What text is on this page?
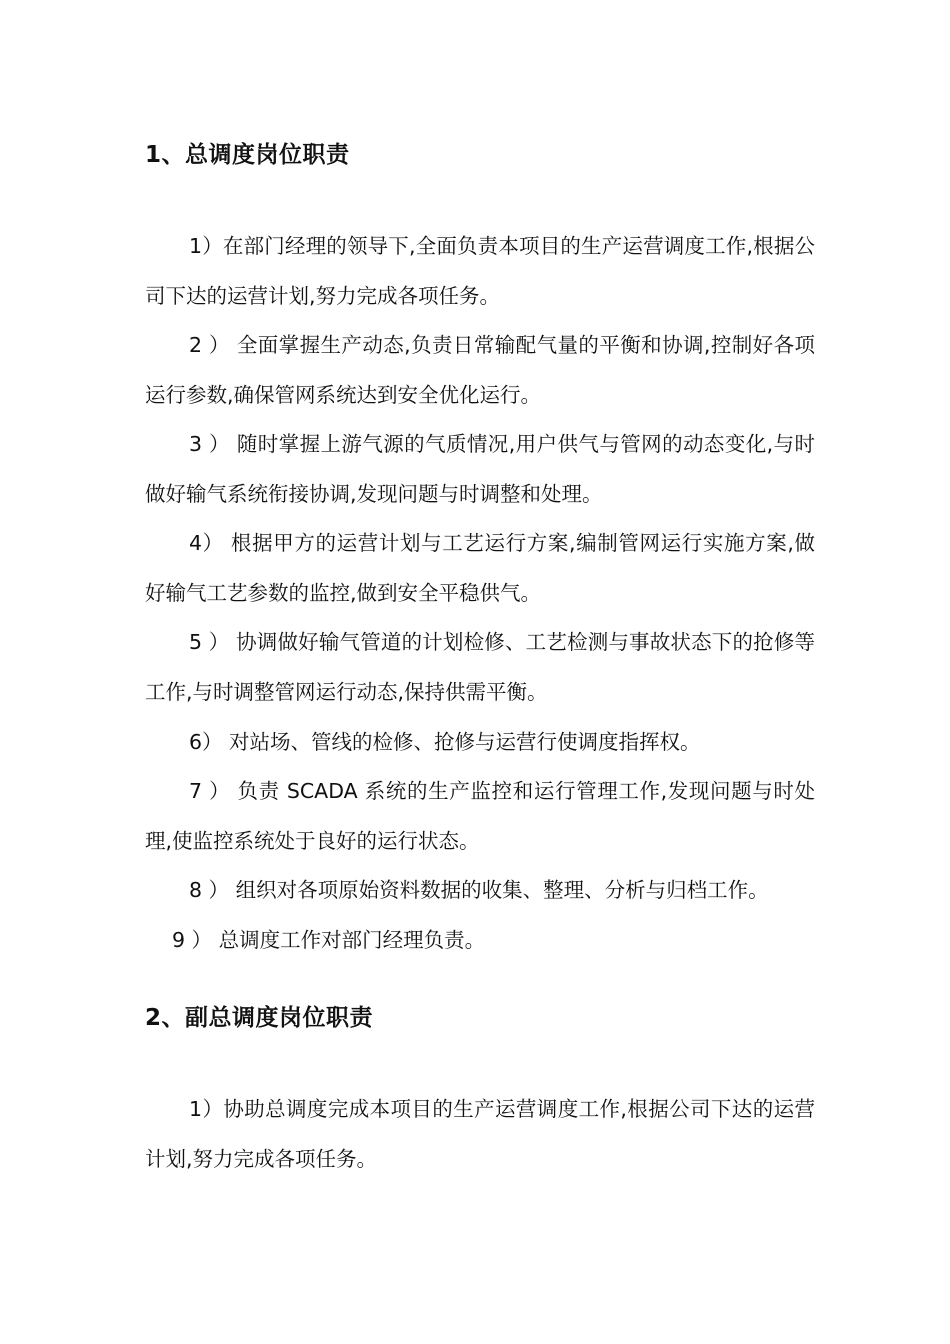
1、总调度岗位职责

1）在部门经理的领导下,全面负责本项目的生产运营调度工作,根据公司下达的运营计划,努力完成各项任务。

2 ） 全面掌握生产动态,负责日常输配气量的平衡和协调,控制好各项运行参数,确保管网系统达到安全优化运行。

3 ） 随时掌握上游气源的气质情况,用户供气与管网的动态变化,与时做好输气系统衔接协调,发现问题与时调整和处理。

4） 根据甲方的运营计划与工艺运行方案,编制管网运行实施方案,做好输气工艺参数的监控,做到安全平稳供气。

5 ） 协调做好输气管道的计划检修、工艺检测与事故状态下的抢修等工作,与时调整管网运行动态,保持供需平衡。

6） 对站场、管线的检修、抢修与运营行使调度指挥权。

7 ） 负责 SCADA 系统的生产监控和运行管理工作,发现问题与时处理,使监控系统处于良好的运行状态。

8 ） 组织对各项原始资料数据的收集、整理、分析与归档工作。

9 ） 总调度工作对部门经理负责。

2、副总调度岗位职责

1）协助总调度完成本项目的生产运营调度工作,根据公司下达的运营计划,努力完成各项任务。
